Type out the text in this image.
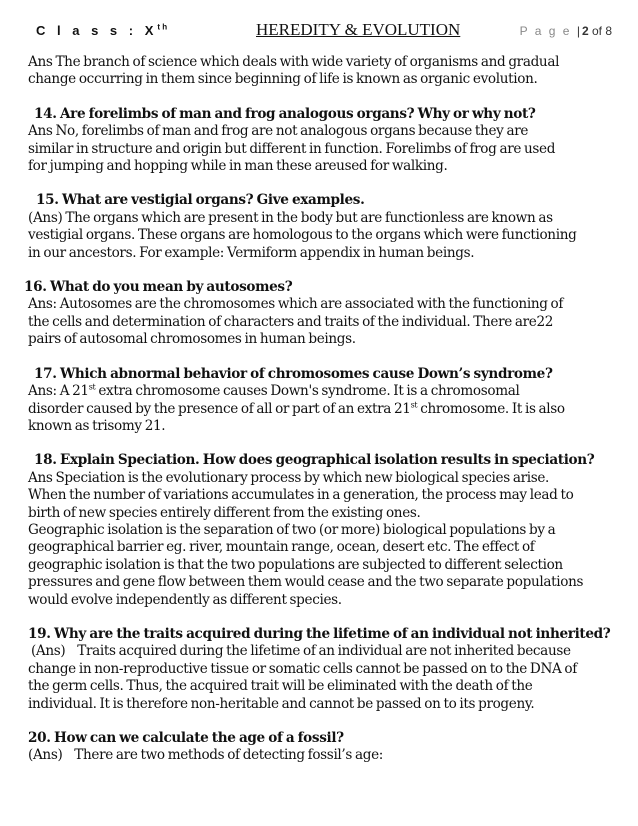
C l a s s : $X^{t h}$	HEREDITY & EVOLUTION	P a g e | 2 of 8

Ans The branch of science which deals with wide variety of organisms and gradual

change occurring in them since beginning of life is known as organic evolution.

14. Are forelimbs of man and frog analogous organs? Why or why not?

Ans No, forelimbs of man and frog are not analogous organs because they are

similar in structure and origin but different in function. Forelimbs of frog are used

for jumping and hopping while in man these areused for walking.

15. What are vestigial organs? Give examples.

(Ans) The organs which are present in the body but are functionless are known as

vestigial organs. These organs are homologous to the organs which were functioning

in our ancestors. For example: Vermiform appendix in human beings.

16. What do you mean by autosomes?

Ans: Autosomes are the chromosomes which are associated with the functioning of

the cells and determination of characters and traits of the individual. There are22

pairs of autosomal chromosomes in human beings.

17. Which abnormal behavior of chromosomes cause Down’s syndrome?

Ans: A 21st extra chromosome causes Down's syndrome. It is a chromosomal

disorder caused by the presence of all or part of an extra 21st chromosome. It is also

known as trisomy 21.

18. Explain Speciation. How does geographical isolation results in speciation?

Ans Speciation is the evolutionary process by which new biological species arise.

When the number of variations accumulates in a generation, the process may lead to

birth of new species entirely different from the existing ones.

Geographic isolation is the separation of two (or more) biological populations by a

geographical barrier eg. river, mountain range, ocean, desert etc. The effect of

geographic isolation is that the two populations are subjected to different selection

pressures and gene flow between them would cease and the two separate populations

would evolve independently as different species.

19. Why are the traits acquired during the lifetime of an individual not inherited?

(Ans)    Traits acquired during the lifetime of an individual are not inherited because

change in non-reproductive tissue or somatic cells cannot be passed on to the DNA of

the germ cells. Thus, the acquired trait will be eliminated with the death of the

individual. It is therefore non-heritable and cannot be passed on to its progeny.

20. How can we calculate the age of a fossil?

(Ans)    There are two methods of detecting fossil’s age:
